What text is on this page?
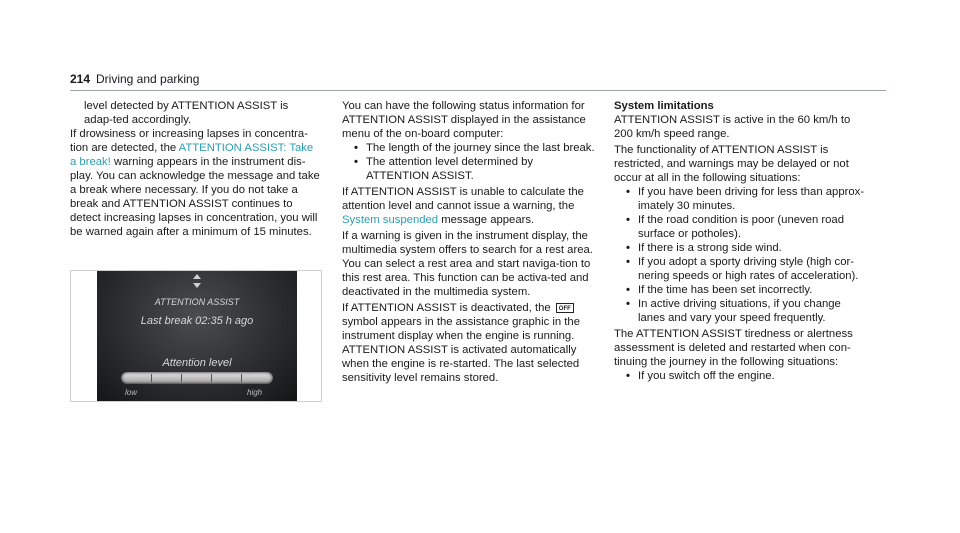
214 Driving and parking

level detected by ATTENTION ASSIST is adap-ted accordingly.

If drowsiness or increasing lapses in concentra-tion are detected, the ATTENTION ASSIST: Take a break! warning appears in the instrument dis-play. You can acknowledge the message and take a break where necessary. If you do not take a break and ATTENTION ASSIST continues to detect increasing lapses in concentration, you will be warned again after a minimum of 15 minutes.

ATTENTION ASSIST
Last break 02:35 h ago
Attention level
low	high

You can have the following status information for ATTENTION ASSIST displayed in the assistance menu of the on-board computer:

• The length of the journey since the last break.
• The attention level determined by ATTENTION ASSIST.

If ATTENTION ASSIST is unable to calculate the attention level and cannot issue a warning, the System suspended message appears.

If a warning is given in the instrument display, the multimedia system offers to search for a rest area. You can select a rest area and start naviga-tion to this rest area. This function can be activa-ted and deactivated in the multimedia system.

If ATTENTION ASSIST is deactivated, the OFF symbol appears in the assistance graphic in the instrument display when the engine is running. ATTENTION ASSIST is activated automatically when the engine is re-started. The last selected sensitivity level remains stored.

System limitations

ATTENTION ASSIST is active in the 60 km/h to 200 km/h speed range.

The functionality of ATTENTION ASSIST is restricted, and warnings may be delayed or not occur at all in the following situations:

• If you have been driving for less than approx-imately 30 minutes.
• If the road condition is poor (uneven road surface or potholes).
• If there is a strong side wind.
• If you adopt a sporty driving style (high cor-nering speeds or high rates of acceleration).
• If the time has been set incorrectly.
• In active driving situations, if you change lanes and vary your speed frequently.

The ATTENTION ASSIST tiredness or alertness assessment is deleted and restarted when con-tinuing the journey in the following situations:

• If you switch off the engine.
